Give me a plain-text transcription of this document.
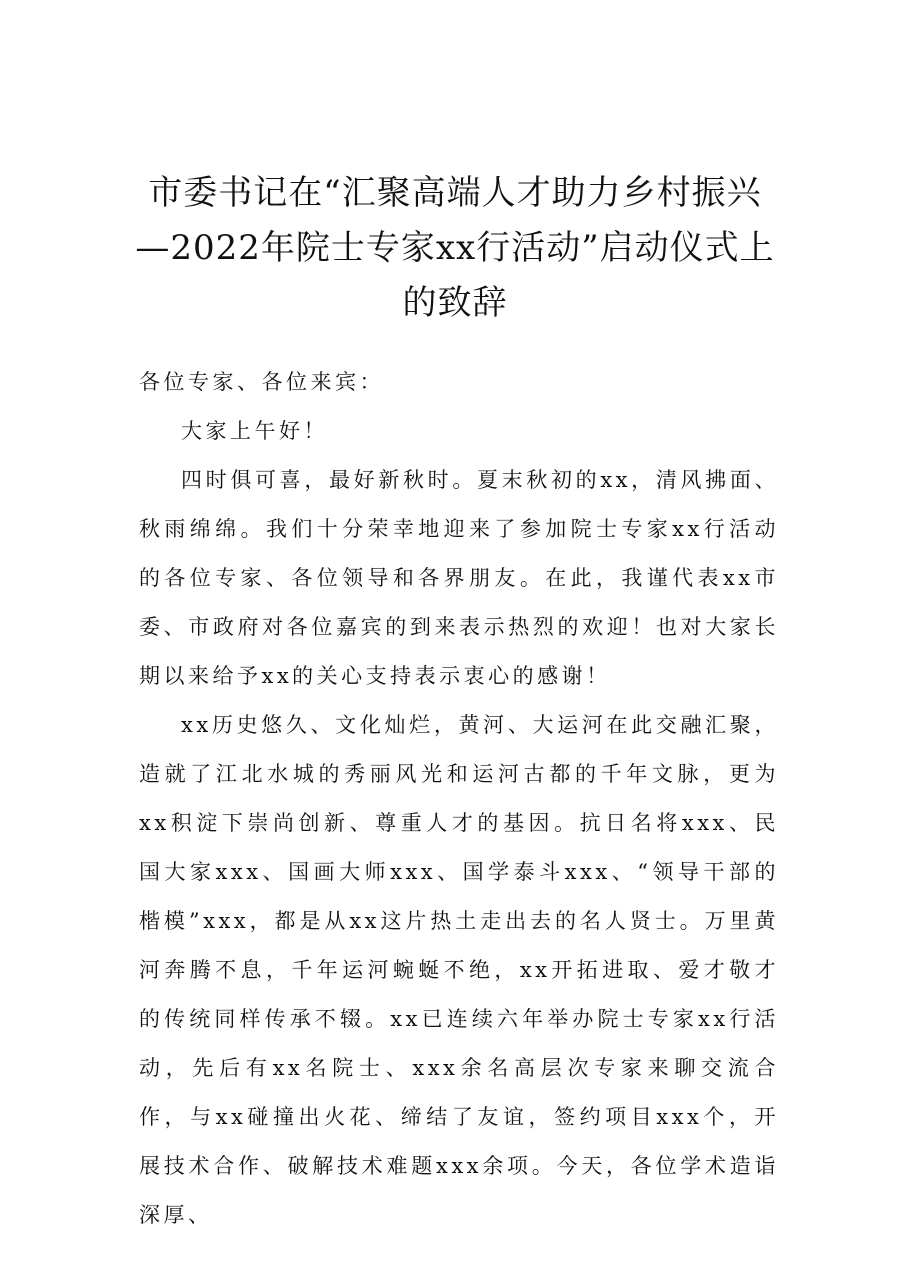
市委书记在“汇聚高端人才助力乡村振兴
—2022年院士专家xx行活动”启动仪式上
的致辞

各位专家、各位来宾：

大家上午好！

四时俱可喜，最好新秋时。夏末秋初的xx，清风拂面、秋雨绵绵。我们十分荣幸地迎来了参加院士专家xx行活动的各位专家、各位领导和各界朋友。在此，我谨代表xx市委、市政府对各位嘉宾的到来表示热烈的欢迎！也对大家长期以来给予xx的关心支持表示衷心的感谢！

xx历史悠久、文化灿烂，黄河、大运河在此交融汇聚，造就了江北水城的秀丽风光和运河古都的千年文脉，更为xx积淀下崇尚创新、尊重人才的基因。抗日名将xxx、民国大家xxx、国画大师xxx、国学泰斗xxx、“领导干部的楷模”xxx，都是从xx这片热土走出去的名人贤士。万里黄河奔腾不息，千年运河蜿蜒不绝，xx开拓进取、爱才敬才的传统同样传承不辍。xx已连续六年举办院士专家xx行活动，先后有xx名院士、xxx余名高层次专家来聊交流合作，与xx碰撞出火花、缔结了友谊，签约项目xxx个，开展技术合作、破解技术难题xxx余项。今天，各位学术造诣深厚、
